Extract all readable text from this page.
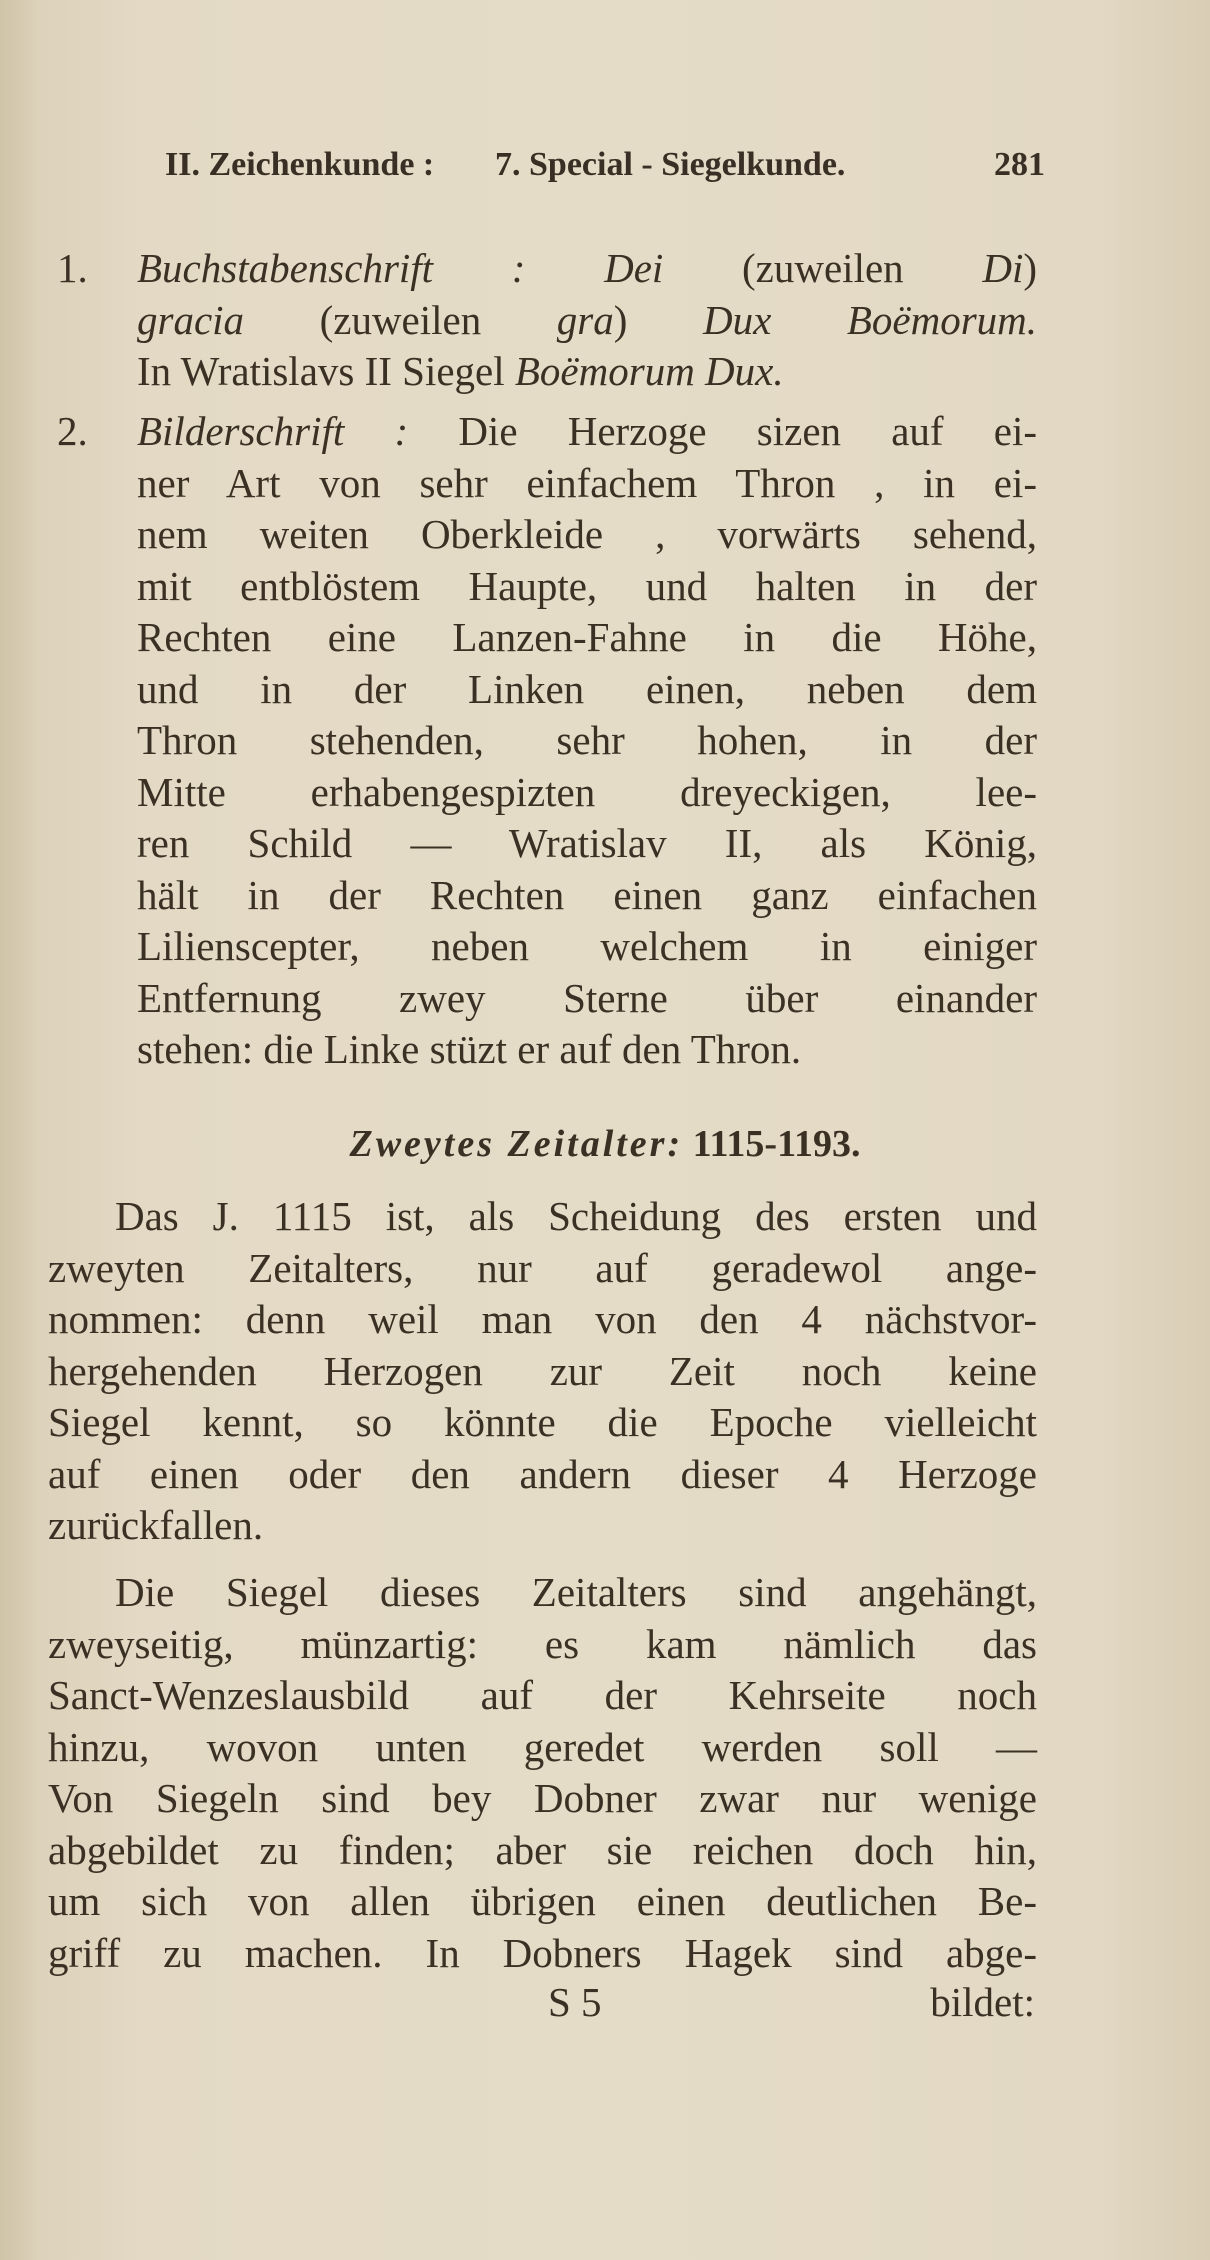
II. Zeichenkunde : 7. Special - Siegelkunde.	281
1. Buchstabenschrift : Dei (zuweilen Di)
gracia (zuweilen gra) Dux Boëmorum.
In Wratislavs II Siegel Boëmorum Dux.
2. Bilderschrift : Die Herzoge sizen auf ei-
ner Art von sehr einfachem Thron , in ei-
nem weiten Oberkleide , vorwärts sehend,
mit entblöstem Haupte, und halten in der
Rechten eine Lanzen-Fahne in die Höhe,
und in der Linken einen, neben dem
Thron stehenden, sehr hohen, in der
Mitte erhabengespizten dreyeckigen, lee-
ren Schild — Wratislav II, als König,
hält in der Rechten einen ganz einfachen
Lilienscepter, neben welchem in einiger
Entfernung zwey Sterne über einander
stehen: die Linke stüzt er auf den Thron.
Zweytes Zeitalter: 1115-1193.
Das J. 1115 ist, als Scheidung des ersten und
zweyten Zeitalters, nur auf geradewol ange-
nommen: denn weil man von den 4 nächstvor-
hergehenden Herzogen zur Zeit noch keine
Siegel kennt, so könnte die Epoche vielleicht
auf einen oder den andern dieser 4 Herzoge
zurückfallen.
Die Siegel dieses Zeitalters sind angehängt,
zweyseitig, münzartig: es kam nämlich das
Sanct-Wenzeslausbild auf der Kehrseite noch
hinzu, wovon unten geredet werden soll —
Von Siegeln sind bey Dobner zwar nur wenige
abgebildet zu finden; aber sie reichen doch hin,
um sich von allen übrigen einen deutlichen Be-
griff zu machen. In Dobners Hagek sind abge-
S 5	bildet:
